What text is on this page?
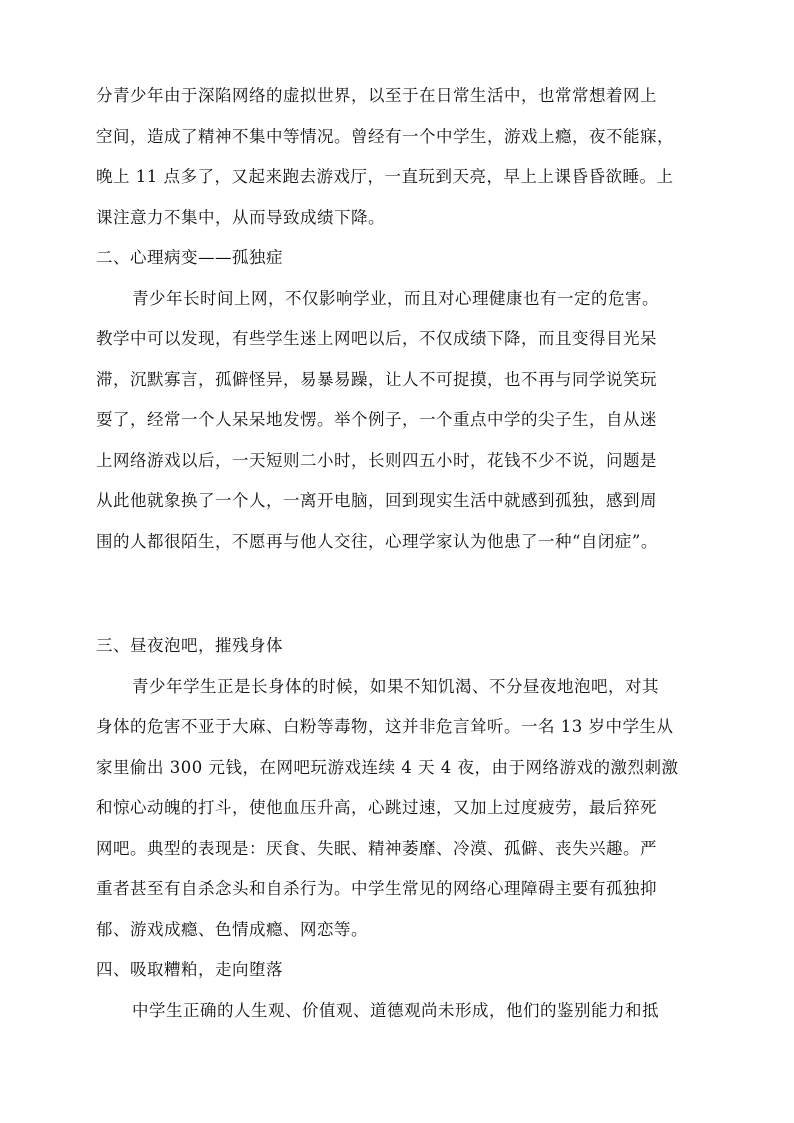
分青少年由于深陷网络的虚拟世界，以至于在日常生活中，也常常想着网上
空间，造成了精神不集中等情况。曾经有一个中学生，游戏上瘾，夜不能寐，
晚上 11 点多了，又起来跑去游戏厅，一直玩到天亮，早上上课昏昏欲睡。上
课注意力不集中，从而导致成绩下降。
二、心理病变——孤独症
青少年长时间上网，不仅影响学业，而且对心理健康也有一定的危害。
教学中可以发现，有些学生迷上网吧以后，不仅成绩下降，而且变得目光呆
滞，沉默寡言，孤僻怪异，易暴易躁，让人不可捉摸，也不再与同学说笑玩
耍了，经常一个人呆呆地发愣。举个例子，一个重点中学的尖子生，自从迷
上网络游戏以后，一天短则二小时，长则四五小时，花钱不少不说，问题是
从此他就象换了一个人，一离开电脑，回到现实生活中就感到孤独，感到周
围的人都很陌生，不愿再与他人交往，心理学家认为他患了一种“自闭症”。
三、昼夜泡吧，摧残身体
青少年学生正是长身体的时候，如果不知饥渴、不分昼夜地泡吧，对其
身体的危害不亚于大麻、白粉等毒物，这并非危言耸听。一名 13 岁中学生从
家里偷出 300 元钱，在网吧玩游戏连续 4 天 4 夜，由于网络游戏的激烈刺激
和惊心动魄的打斗，使他血压升高，心跳过速，又加上过度疲劳，最后猝死
网吧。典型的表现是：厌食、失眠、精神萎靡、冷漠、孤僻、丧失兴趣。严
重者甚至有自杀念头和自杀行为。中学生常见的网络心理障碍主要有孤独抑
郁、游戏成瘾、色情成瘾、网恋等。
四、吸取糟粕，走向堕落
中学生正确的人生观、价值观、道德观尚未形成，他们的鉴别能力和抵
